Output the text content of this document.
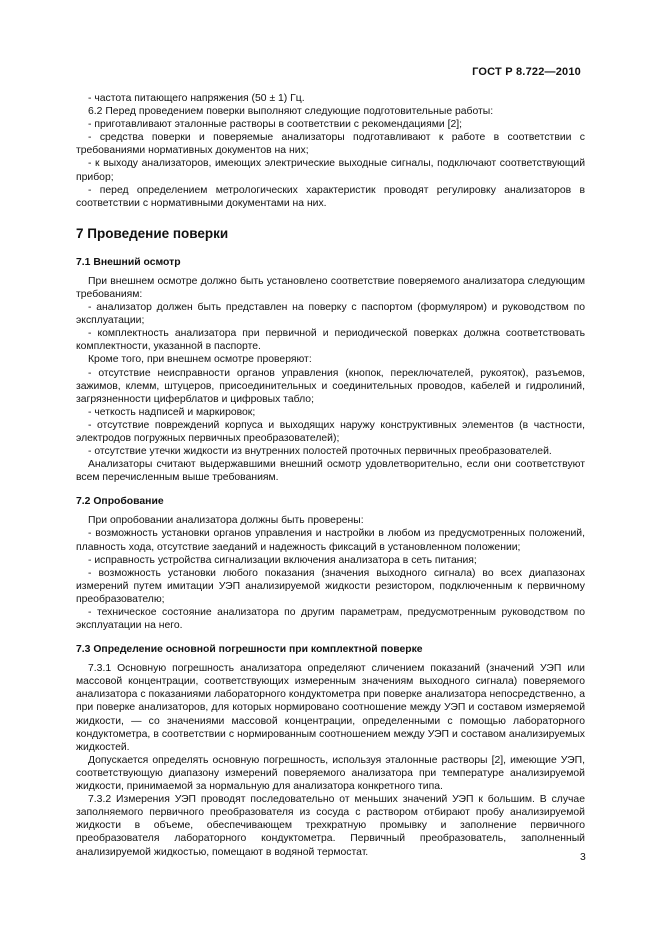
ГОСТ Р 8.722—2010

- частота питающего напряжения (50 ± 1) Гц.

6.2 Перед проведением поверки выполняют следующие подготовительные работы:

- приготавливают эталонные растворы в соответствии с рекомендациями [2];

- средства поверки и поверяемые анализаторы подготавливают к работе в соответствии с требованиями нормативных документов на них;

- к выходу анализаторов, имеющих электрические выходные сигналы, подключают соответствующий прибор;

- перед определением метрологических характеристик проводят регулировку анализаторов в соответствии с нормативными документами на них.

7 Проведение поверки
7.1 Внешний осмотр

При внешнем осмотре должно быть установлено соответствие поверяемого анализатора следующим требованиям:

- анализатор должен быть представлен на поверку с паспортом (формуляром) и руководством по эксплуатации;

- комплектность анализатора при первичной и периодической поверках должна соответствовать комплектности, указанной в паспорте.

Кроме того, при внешнем осмотре проверяют:

- отсутствие неисправности органов управления (кнопок, переключателей, рукояток), разъемов, зажимов, клемм, штуцеров, присоединительных и соединительных проводов, кабелей и гидролиний, загрязненности циферблатов и цифровых табло;

- четкость надписей и маркировок;

- отсутствие повреждений корпуса и выходящих наружу конструктивных элементов (в частности, электродов погружных первичных преобразователей);

- отсутствие утечки жидкости из внутренних полостей проточных первичных преобразователей.

Анализаторы считают выдержавшими внешний осмотр удовлетворительно, если они соответствуют всем перечисленным выше требованиям.

7.2 Опробование

При опробовании анализатора должны быть проверены:

- возможность установки органов управления и настройки в любом из предусмотренных положений, плавность хода, отсутствие заеданий и надежность фиксаций в установленном положении;

- исправность устройства сигнализации включения анализатора в сеть питания;

- возможность установки любого показания (значения выходного сигнала) во всех диапазонах измерений путем имитации УЭП анализируемой жидкости резистором, подключенным к первичному преобразователю;

- техническое состояние анализатора по другим параметрам, предусмотренным руководством по эксплуатации на него.

7.3 Определение основной погрешности при комплектной поверке

7.3.1 Основную погрешность анализатора определяют сличением показаний (значений УЭП или массовой концентрации, соответствующих измеренным значениям выходного сигнала) поверяемого анализатора с показаниями лабораторного кондуктометра при поверке анализатора непосредственно, а при поверке анализаторов, для которых нормировано соотношение между УЭП и составом измеряемой жидкости, — со значениями массовой концентрации, определенными с помощью лабораторного кондуктометра, в соответствии с нормированным соотношением между УЭП и составом анализируемых жидкостей.

Допускается определять основную погрешность, используя эталонные растворы [2], имеющие УЭП, соответствующую диапазону измерений поверяемого анализатора при температуре анализируемой жидкости, принимаемой за нормальную для анализатора конкретного типа.

7.3.2 Измерения УЭП проводят последовательно от меньших значений УЭП к большим. В случае заполняемого первичного преобразователя из сосуда с раствором отбирают пробу анализируемой жидкости в объеме, обеспечивающем трехкратную промывку и заполнение первичного преобразователя лабораторного кондуктометра. Первичный преобразователь, заполненный анализируемой жидкостью, помещают в водяной термостат.	3
